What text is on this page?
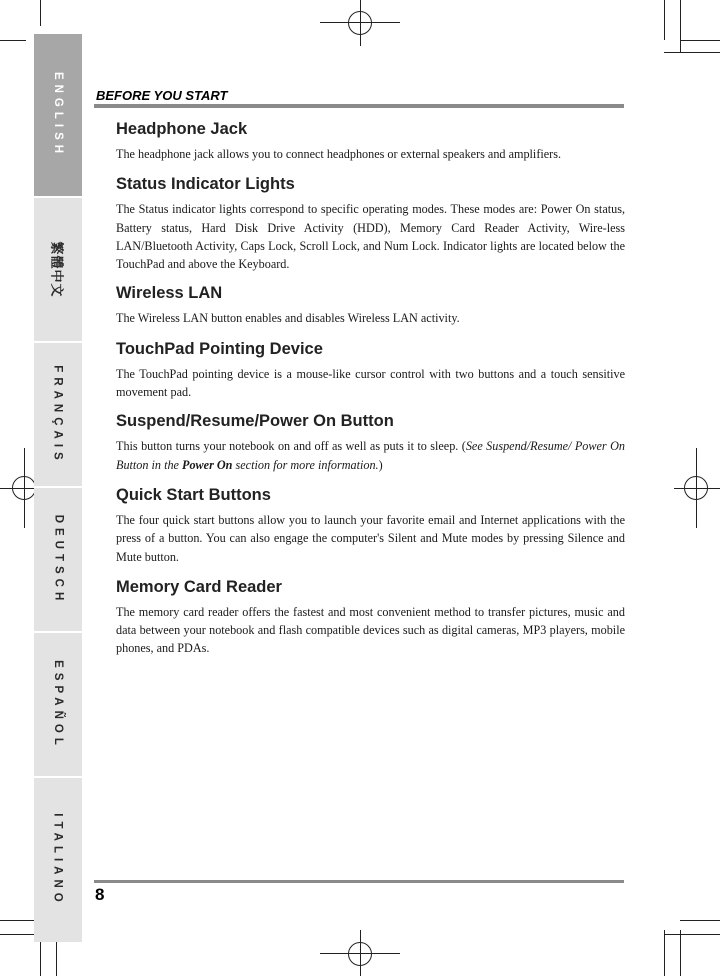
ENGLISH
繁體中文
FRANÇAIS
DEUTSCH
ESPAÑOL
ITALIANO
BEFORE YOU START
Headphone Jack

The headphone jack allows you to connect headphones or external speakers and amplifiers.

Status Indicator Lights

The Status indicator lights correspond to specific operating modes. These modes are: Power On status, Battery status, Hard Disk Drive Activity (HDD), Memory Card Reader Activity, Wire-less LAN/Bluetooth Activity, Caps Lock, Scroll Lock, and Num Lock. Indicator lights are located below the TouchPad and above the Keyboard.

Wireless LAN

The Wireless LAN button enables and disables Wireless LAN activity.

TouchPad Pointing Device

The TouchPad pointing device is a mouse-like cursor control with two buttons and a touch sensitive movement pad.

Suspend/Resume/Power On Button

This button turns your notebook on and off as well as puts it to sleep. (See Suspend/Resume/ Power On Button in the Power On section for more information.)

Quick Start Buttons

The four quick start buttons allow you to launch your favorite email and Internet applications with the press of a button. You can also engage the computer's Silent and Mute modes by pressing Silence and Mute button.

Memory Card Reader

The memory card reader offers the fastest and most convenient method to transfer pictures, music and data between your notebook and flash compatible devices such as digital cameras, MP3 players, mobile phones, and PDAs.

8
